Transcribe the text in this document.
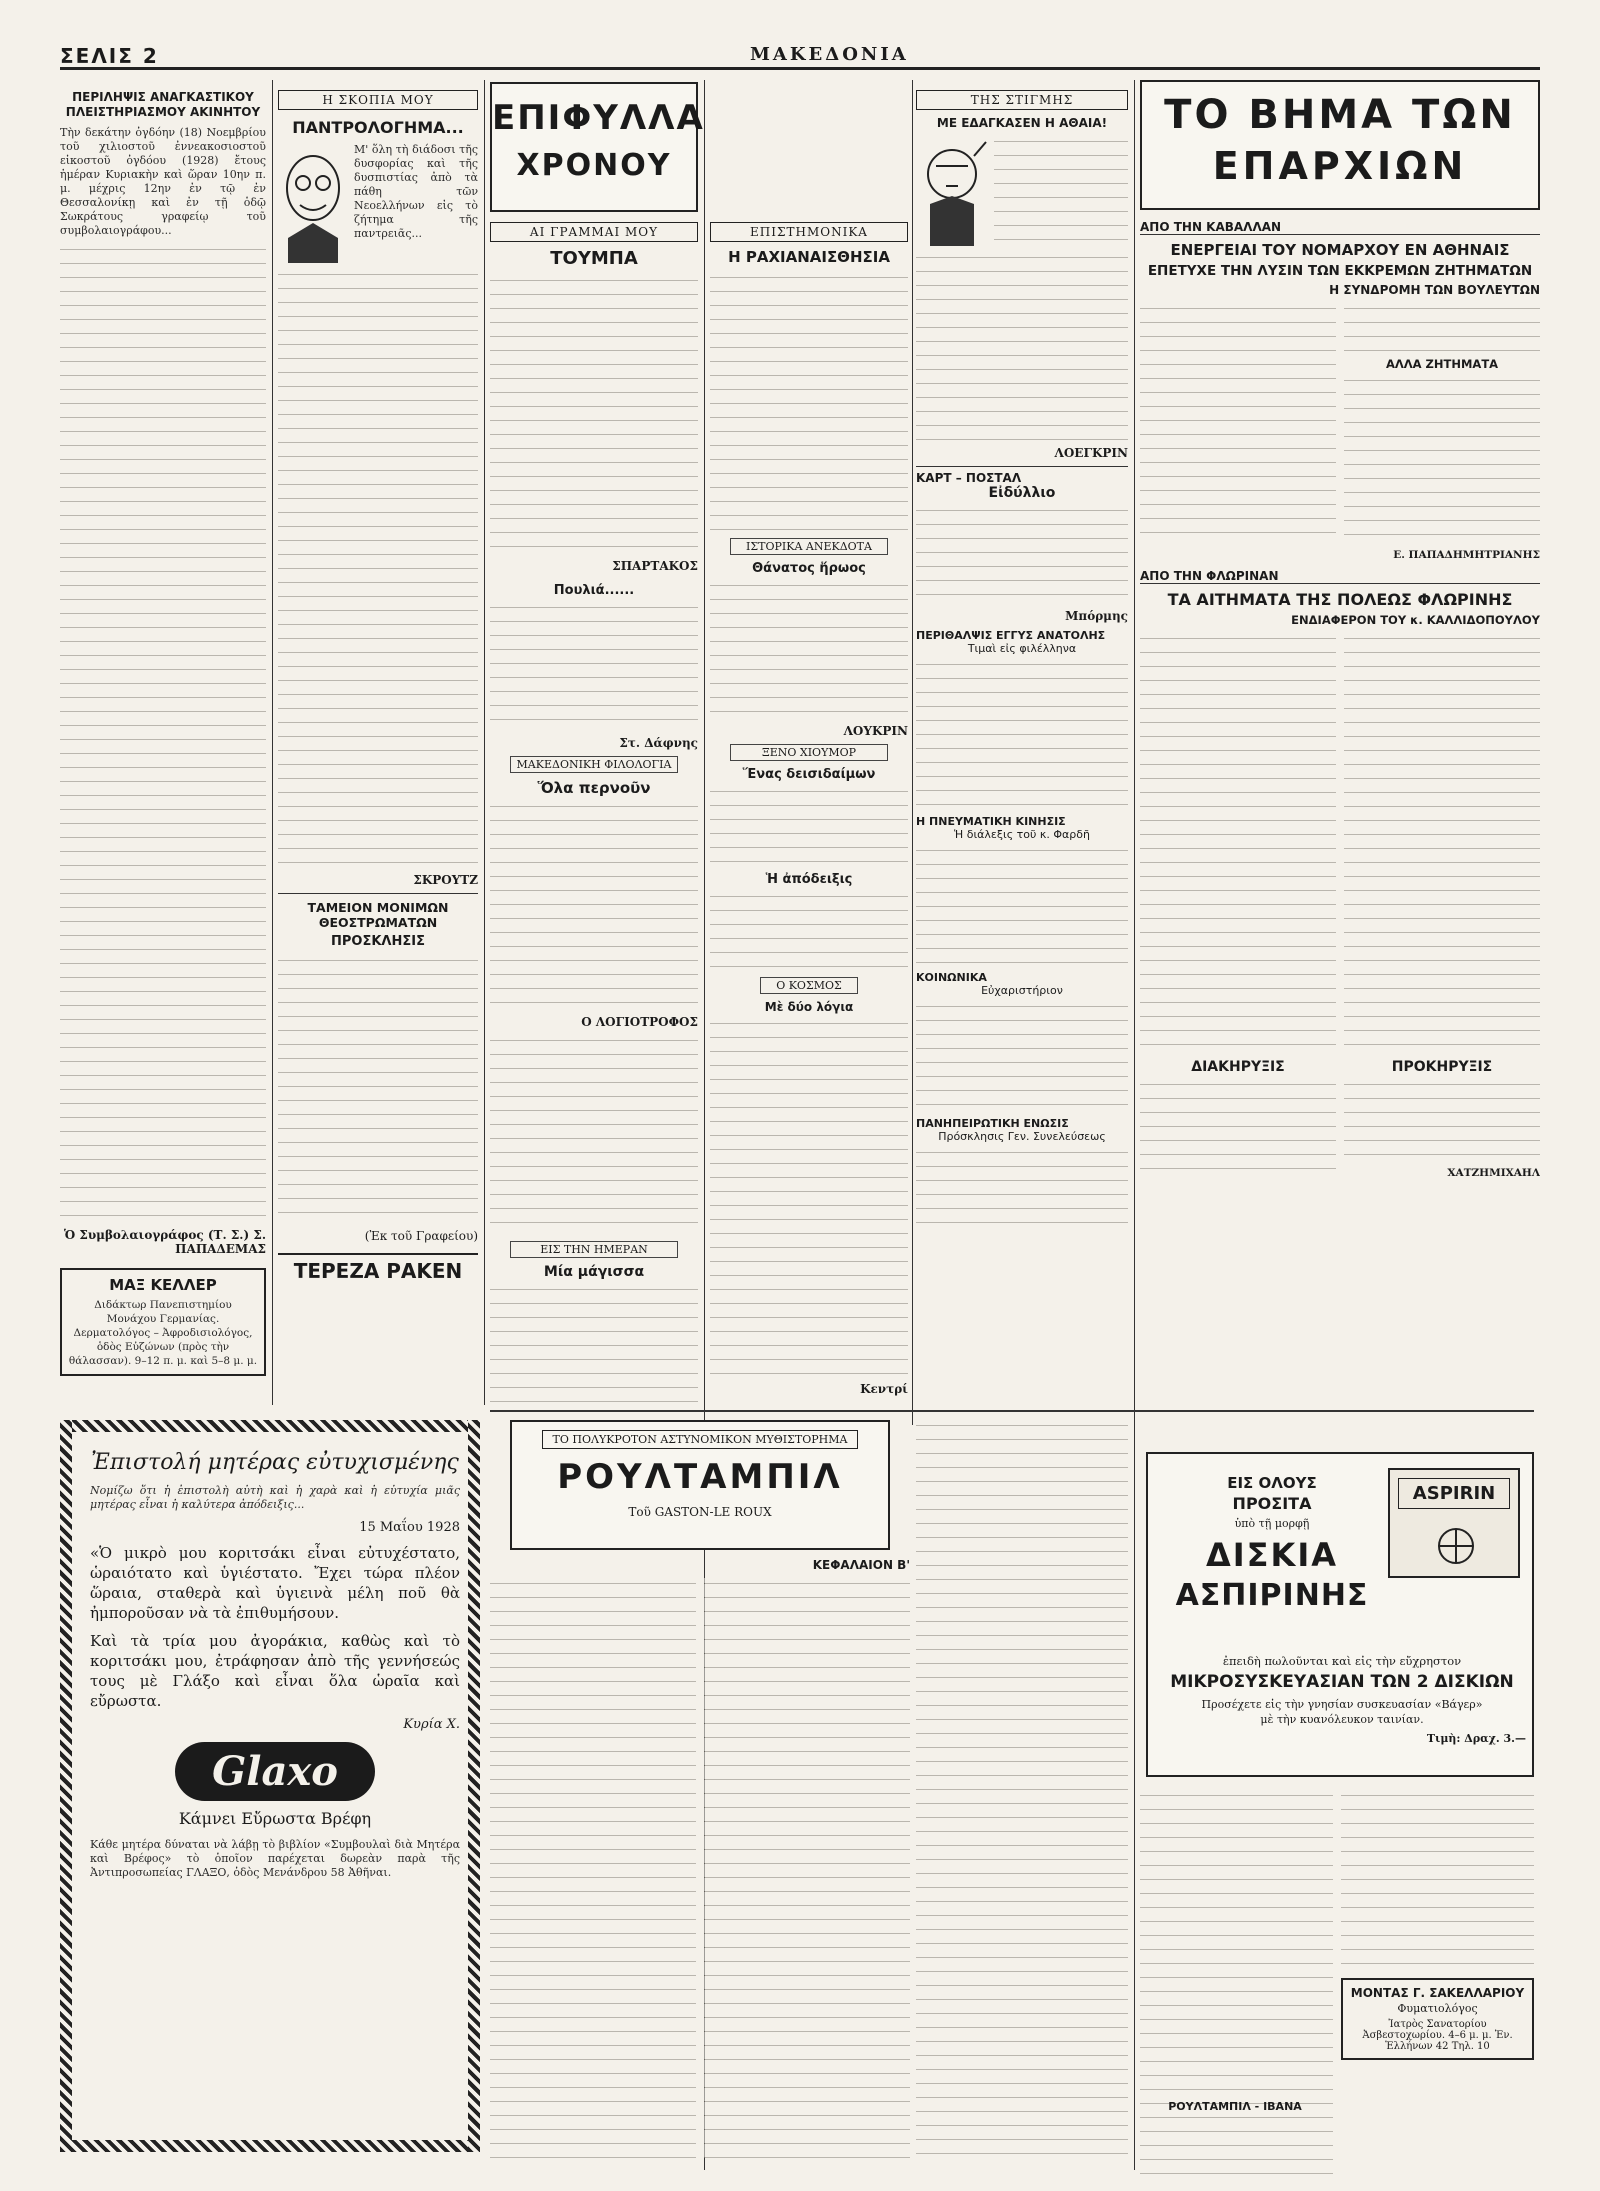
ΣΕΛΙΣ 2	ΜΑΚΕΔΟΝΙΑ
ΠΕΡΙΛΗΨΙΣ ΑΝΑΓΚΑΣΤΙΚΟΥ ΠΛΕΙΣΤΗΡΙΑΣΜΟΥ ΑΚΙΝΗΤΟΥ
Τὴν δεκάτην ὀγδόην (18) Νοεμβρίου τοῦ χιλιοστοῦ ἐννεακοσιοστοῦ εἰκοστοῦ ὀγδόου (1928) ἔτους ἡμέραν Κυριακὴν καὶ ὥραν 10ην π. μ. μέχρις 12ην ἐν τῷ ἐν Θεσσαλονίκῃ καὶ ἐν τῇ ὁδῷ Σωκράτους γραφείῳ τοῦ συμβολαιογράφου...
Ὁ Συμβολαιογράφος (Τ. Σ.) Σ. ΠΑΠΑΔΕΜΑΣ
ΜΑΞ ΚΕΛΛΕΡ
Διδάκτωρ Πανεπιστημίου Μονάχου Γερμανίας. Δερματολόγος – Ἀφροδισιολόγος, ὁδὸς Εὐζώνων (πρὸς τὴν θάλασσαν). 9–12 π. μ. καὶ 5–8 μ. μ.
Η ΣΚΟΠΙΑ ΜΟΥ
ΠΑΝΤΡΟΛΟΓΗΜΑ...
Μ' ὅλη τὴ διάδοσι τῆς δυσφορίας καὶ τῆς δυσπιστίας ἀπὸ τὰ πάθη τῶν Νεοελλήνων εἰς τὸ ζήτημα τῆς παντρειᾶς...
ΣΚΡΟΥΤΖ
ΤΑΜΕΙΟΝ ΜΟΝΙΜΩΝ ΘΕΟΣΤΡΩΜΑΤΩΝ
ΠΡΟΣΚΛΗΣΙΣ
(Ἐκ τοῦ Γραφείου)
ΤΕΡΕΖΑ ΡΑΚΕΝ
ΕΠΙΦΥΛΛΑ
ΧΡΟΝΟΥ
ΑΙ ΓΡΑΜΜΑΙ ΜΟΥ
ΤΟΥΜΠΑ
ΣΠΑΡΤΑΚΟΣ
Πουλιά......
Στ. Δάφνης
ΜΑΚΕΔΟΝΙΚΗ ΦΙΛΟΛΟΓΙΑ
Ὅλα περνοῦν
Ο ΛΟΓΙΟΤΡΟΦΟΣ
ΕΙΣ ΤΗΝ ΗΜΕΡΑΝ
Μία μάγισσα
ΕΠΙΣΤΗΜΟΝΙΚΑ
Η ΡΑΧΙΑΝΑΙΣΘΗΣΙΑ
ΙΣΤΟΡΙΚΑ ΑΝΕΚΔΟΤΑ
Θάνατος ἥρωος
ΛΟΥΚΡΙΝ
ΞΕΝΟ ΧΙΟΥΜΟΡ
Ἕνας δεισιδαίμων
Ἡ ἀπόδειξις
Ο ΚΟΣΜΟΣ
Μὲ δύο λόγια
Κεντρί
ΤΗΣ ΣΤΙΓΜΗΣ
ΜΕ ΕΔΑΓΚΑΣΕΝ Η ΑΘΑΙΑ!
ΛΟΕΓΚΡΙΝ
ΚΑΡΤ – ΠΟΣΤΑΛ
Εἰδύλλιο
Μπόρμης
ΠΕΡΙΘΑΛΨΙΣ ΕΓΓΥΣ ΑΝΑΤΟΛΗΣ
Τιμαὶ εἰς φιλέλληνα
Η ΠΝΕΥΜΑΤΙΚΗ ΚΙΝΗΣΙΣ
Ἡ διάλεξις τοῦ κ. Φαρδῆ
ΚΟΙΝΩΝΙΚΑ
Εὐχαριστήριον
ΠΑΝΗΠΕΙΡΩΤΙΚΗ ΕΝΩΣΙΣ
Πρόσκλησις Γεν. Συνελεύσεως
ΤΟ ΒΗΜΑ ΤΩΝ
ΕΠΑΡΧΙΩΝ
ΑΠΟ ΤΗΝ ΚΑΒΑΛΛΑΝ
ΕΝΕΡΓΕΙΑΙ ΤΟΥ ΝΟΜΑΡΧΟΥ ΕΝ ΑΘΗΝΑΙΣ
ΕΠΕΤΥΧΕ ΤΗΝ ΛΥΣΙΝ ΤΩΝ ΕΚΚΡΕΜΩΝ ΖΗΤΗΜΑΤΩΝ
Η ΣΥΝΔΡΟΜΗ ΤΩΝ ΒΟΥΛΕΥΤΩΝ
ΑΛΛΑ ΖΗΤΗΜΑΤΑ
Ε. ΠΑΠΑΔΗΜΗΤΡΙΑΝΗΣ
ΑΠΟ ΤΗΝ ΦΛΩΡΙΝΑΝ
ΤΑ ΑΙΤΗΜΑΤΑ ΤΗΣ ΠΟΛΕΩΣ ΦΛΩΡΙΝΗΣ
ΕΝΔΙΑΦΕΡΟΝ ΤΟΥ κ. ΚΑΛΛΙΔΟΠΟΥΛΟΥ
ΔΙΑΚΗΡΥΞΙΣ	ΠΡΟΚΗΡΥΞΙΣ
ΧΑΤΖΗΜΙΧΑΗΛ
ΕΙΣ ΟΛΟΥΣ
ΠΡΟΣΙΤΑ
ὑπὸ τῇ μορφῇ
ΔΙΣΚΙΑ
ΑΣΠΙΡΙΝΗΣ
ASPIRIN
ἐπειδὴ πωλοῦνται καὶ εἰς τὴν εὔχρηστον
ΜΙΚΡΟΣΥΣΚΕΥΑΣΙΑΝ ΤΩΝ 2 ΔΙΣΚΙΩΝ
Προσέχετε εἰς τὴν γνησίαν συσκευασίαν «Βάγερ»
μὲ τὴν κυανόλευκον ταινίαν.
Τιμὴ: Δραχ. 3.—
Ἐπιστολή μητέρας εὐτυχισμένης
Νομίζω ὅτι ἡ ἐπιστολὴ αὐτὴ καὶ ἡ χαρὰ καὶ ἡ εὐτυχία μιᾶς μητέρας εἶναι ἡ καλύτερα ἀπόδειξις...
15 Μαΐου 1928
«Ὁ μικρὸ μου κοριτσάκι εἶναι εὐτυχέστατο, ὡραιότατο καὶ ὑγιέστατο. Ἔχει τώρα πλέον ὥραια, σταθερὰ καὶ ὑγιεινὰ μέλη ποῦ θὰ ἠμποροῦσαν νὰ τὰ ἐπιθυμήσουν.
Καὶ τὰ τρία μου ἀγοράκια, καθὼς καὶ τὸ κοριτσάκι μου, ἐτράφησαν ἀπὸ τῆς γεννήσεώς τους μὲ Γλάξο καὶ εἶναι ὅλα ὡραῖα καὶ εὔρωστα.
Κυρία Χ.
Glaxo
Κάμνει Εὔρωστα Βρέφη
Κάθε μητέρα δύναται νὰ λάβῃ τὸ βιβλίον «Συμβουλαὶ διὰ Μητέρα καὶ Βρέφος» τὸ ὁποῖον παρέχεται δωρεὰν παρὰ τῆς Ἀντιπροσωπείας ΓΛΑΞΟ, ὁδὸς Μενάνδρου 58 Ἀθῆναι.
ΤΟ ΠΟΛΥΚΡΟΤΟΝ ΑΣΤΥΝΟΜΙΚΟΝ ΜΥΘΙΣΤΟΡΗΜΑ
ΡΟΥΛΤΑΜΠΙΛ
Τοῦ GASTON-LE ROUX
ΚΕΦΑΛΑΙΟΝ Β'
ΜΟΝΤΑΣ Γ. ΣΑΚΕΛΛΑΡΙΟΥ
Φυματιολόγος
Ἰατρὸς Σανατορίου Ἀσβεστοχωρίου. 4–6 μ. μ. Ἐν. Ἑλλήνων 42 Τηλ. 10
ΡΟΥΛΤΑΜΠΙΛ - ΙΒΑΝΑ
